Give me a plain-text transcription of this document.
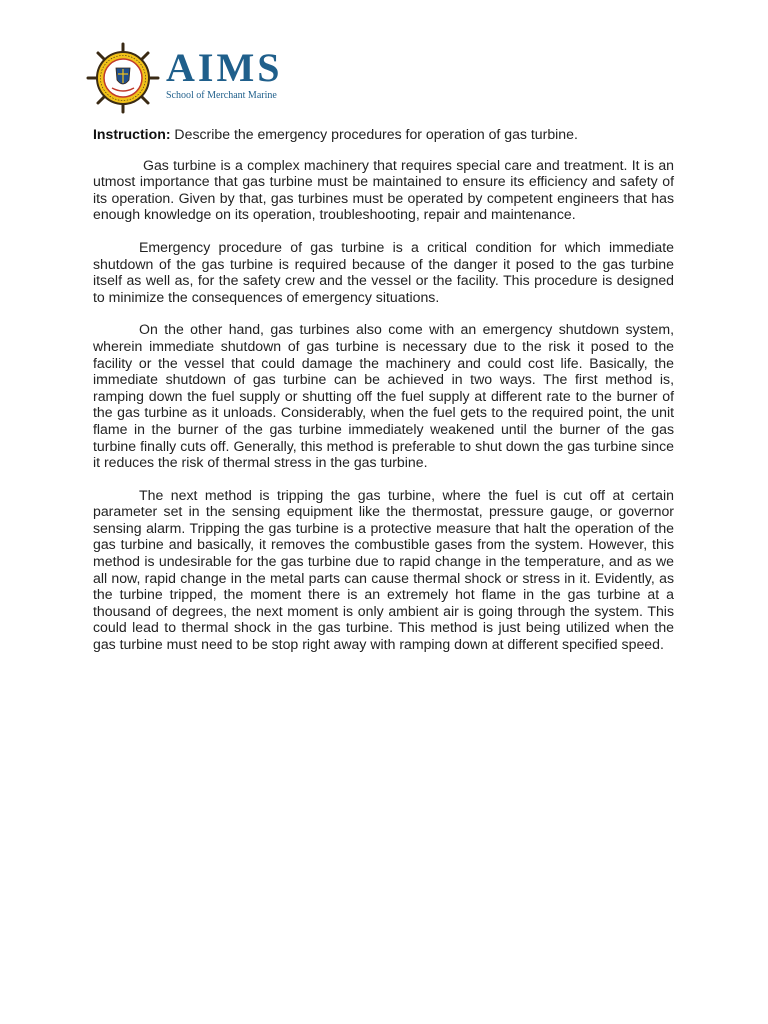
AIMS
School of Merchant Marine

Instruction: Describe the emergency procedures for operation of gas turbine.

Gas turbine is a complex machinery that requires special care and treatment. It is an utmost importance that gas turbine must be maintained to ensure its efficiency and safety of its operation. Given by that, gas turbines must be operated by competent engineers that has enough knowledge on its operation, troubleshooting, repair and maintenance.

Emergency procedure of gas turbine is a critical condition for which immediate shutdown of the gas turbine is required because of the danger it posed to the gas turbine itself as well as, for the safety crew and the vessel or the facility. This procedure is designed to minimize the consequences of emergency situations.

On the other hand, gas turbines also come with an emergency shutdown system, wherein immediate shutdown of gas turbine is necessary due to the risk it posed to the facility or the vessel that could damage the machinery and could cost life. Basically, the immediate shutdown of gas turbine can be achieved in two ways. The first method is, ramping down the fuel supply or shutting off the fuel supply at different rate to the burner of the gas turbine as it unloads. Considerably, when the fuel gets to the required point, the unit flame in the burner of the gas turbine immediately weakened until the burner of the gas turbine finally cuts off. Generally, this method is preferable to shut down the gas turbine since it reduces the risk of thermal stress in the gas turbine.

The next method is tripping the gas turbine, where the fuel is cut off at certain parameter set in the sensing equipment like the thermostat, pressure gauge, or governor sensing alarm. Tripping the gas turbine is a protective measure that halt the operation of the gas turbine and basically, it removes the combustible gases from the system. However, this method is undesirable for the gas turbine due to rapid change in the temperature, and as we all now, rapid change in the metal parts can cause thermal shock or stress in it. Evidently, as the turbine tripped, the moment there is an extremely hot flame in the gas turbine at a thousand of degrees, the next moment is only ambient air is going through the system. This could lead to thermal shock in the gas turbine. This method is just being utilized when the gas turbine must need to be stop right away with ramping down at different specified speed.
